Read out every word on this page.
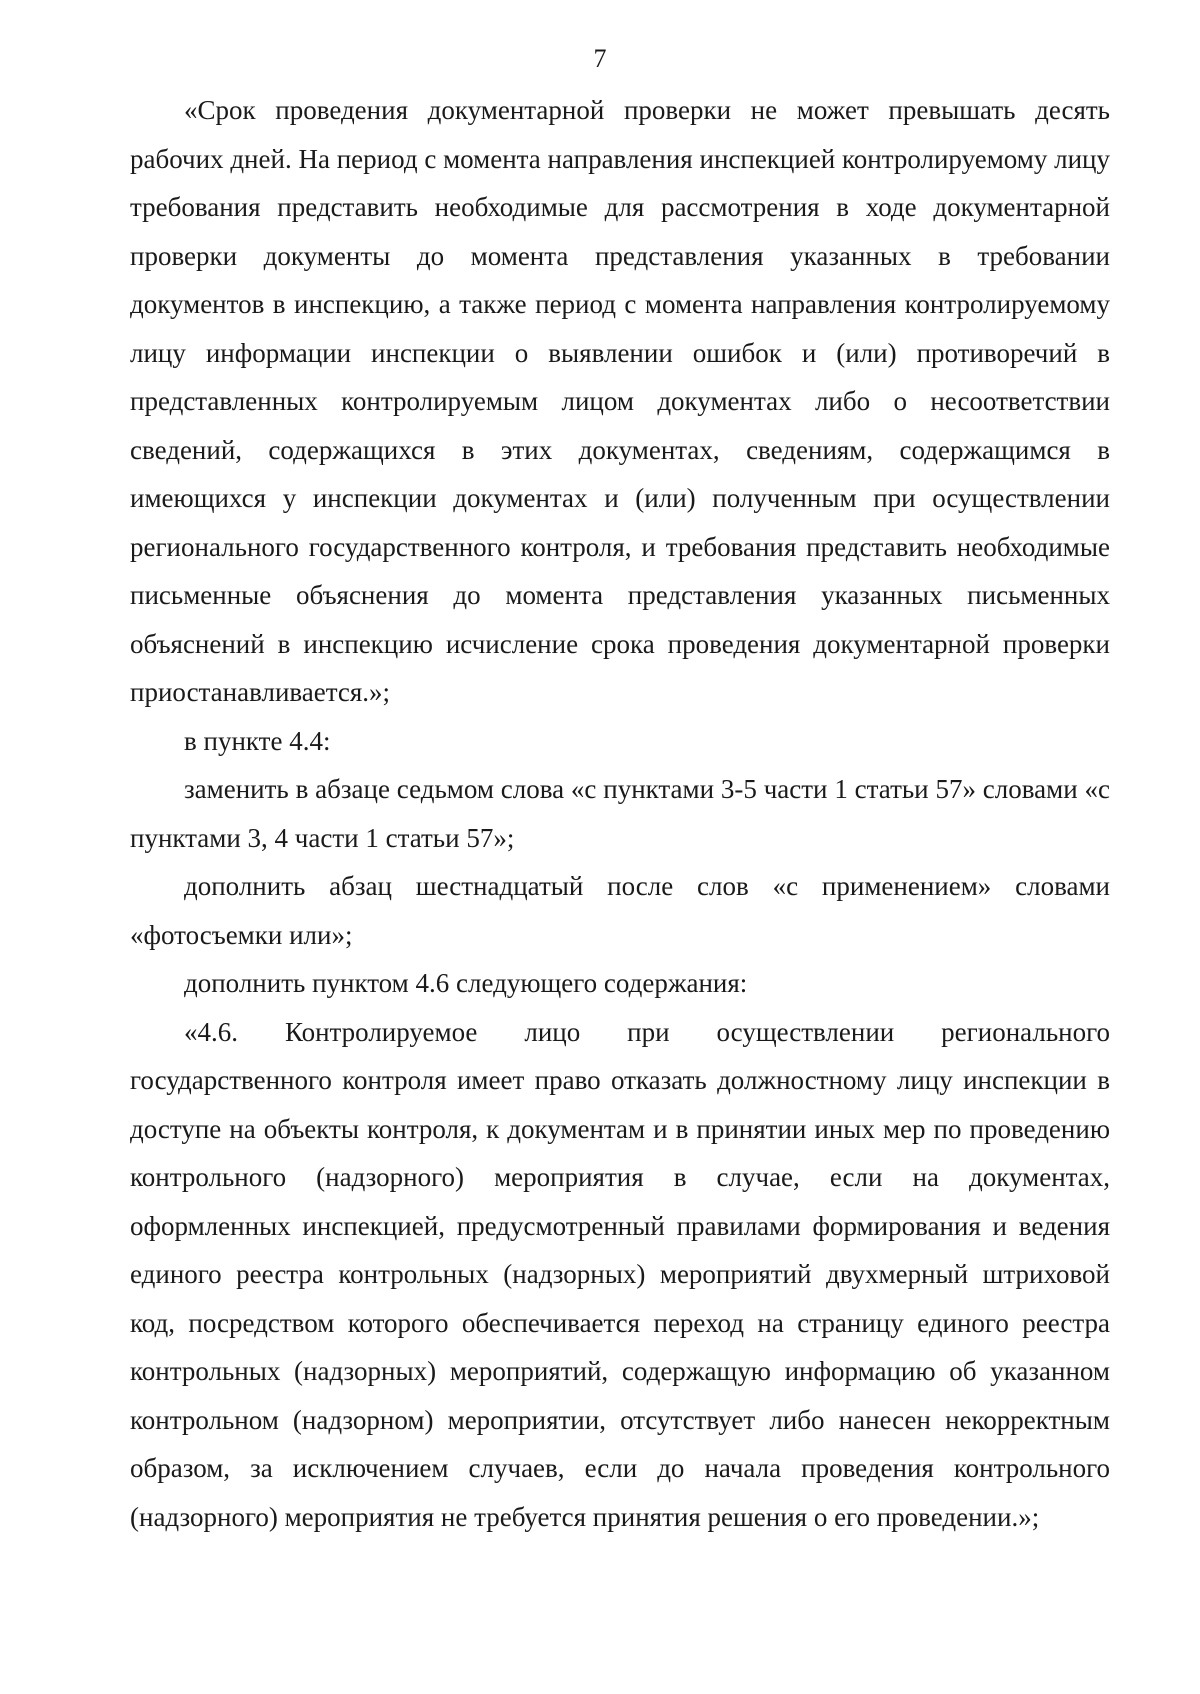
7

«Срок проведения документарной проверки не может превышать десять рабочих дней. На период с момента направления инспекцией контролируемому лицу требования представить необходимые для рассмотрения в ходе документарной проверки документы до момента представления указанных в требовании документов в инспекцию, а также период с момента направления контролируемому лицу информации инспекции о выявлении ошибок и (или) противоречий в представленных контролируемым лицом документах либо о несоответствии сведений, содержащихся в этих документах, сведениям, содержащимся в имеющихся у инспекции документах и (или) полученным при осуществлении регионального государственного контроля, и требования представить необходимые письменные объяснения до момента представления указанных письменных объяснений в инспекцию исчисление срока проведения документарной проверки приостанавливается.»;

в пункте 4.4:

заменить в абзаце седьмом слова «с пунктами 3-5 части 1 статьи 57» словами «с пунктами 3, 4 части 1 статьи 57»;

дополнить абзац шестнадцатый после слов «с применением» словами «фотосъемки или»;

дополнить пунктом 4.6 следующего содержания:

«4.6. Контролируемое лицо при осуществлении регионального государственного контроля имеет право отказать должностному лицу инспекции в доступе на объекты контроля, к документам и в принятии иных мер по проведению контрольного (надзорного) мероприятия в случае, если на документах, оформленных инспекцией, предусмотренный правилами формирования и ведения единого реестра контрольных (надзорных) мероприятий двухмерный штриховой код, посредством которого обеспечивается переход на страницу единого реестра контрольных (надзорных) мероприятий, содержащую информацию об указанном контрольном (надзорном) мероприятии, отсутствует либо нанесен некорректным образом, за исключением случаев, если до начала проведения контрольного (надзорного) мероприятия не требуется принятия решения о его проведении.»;
